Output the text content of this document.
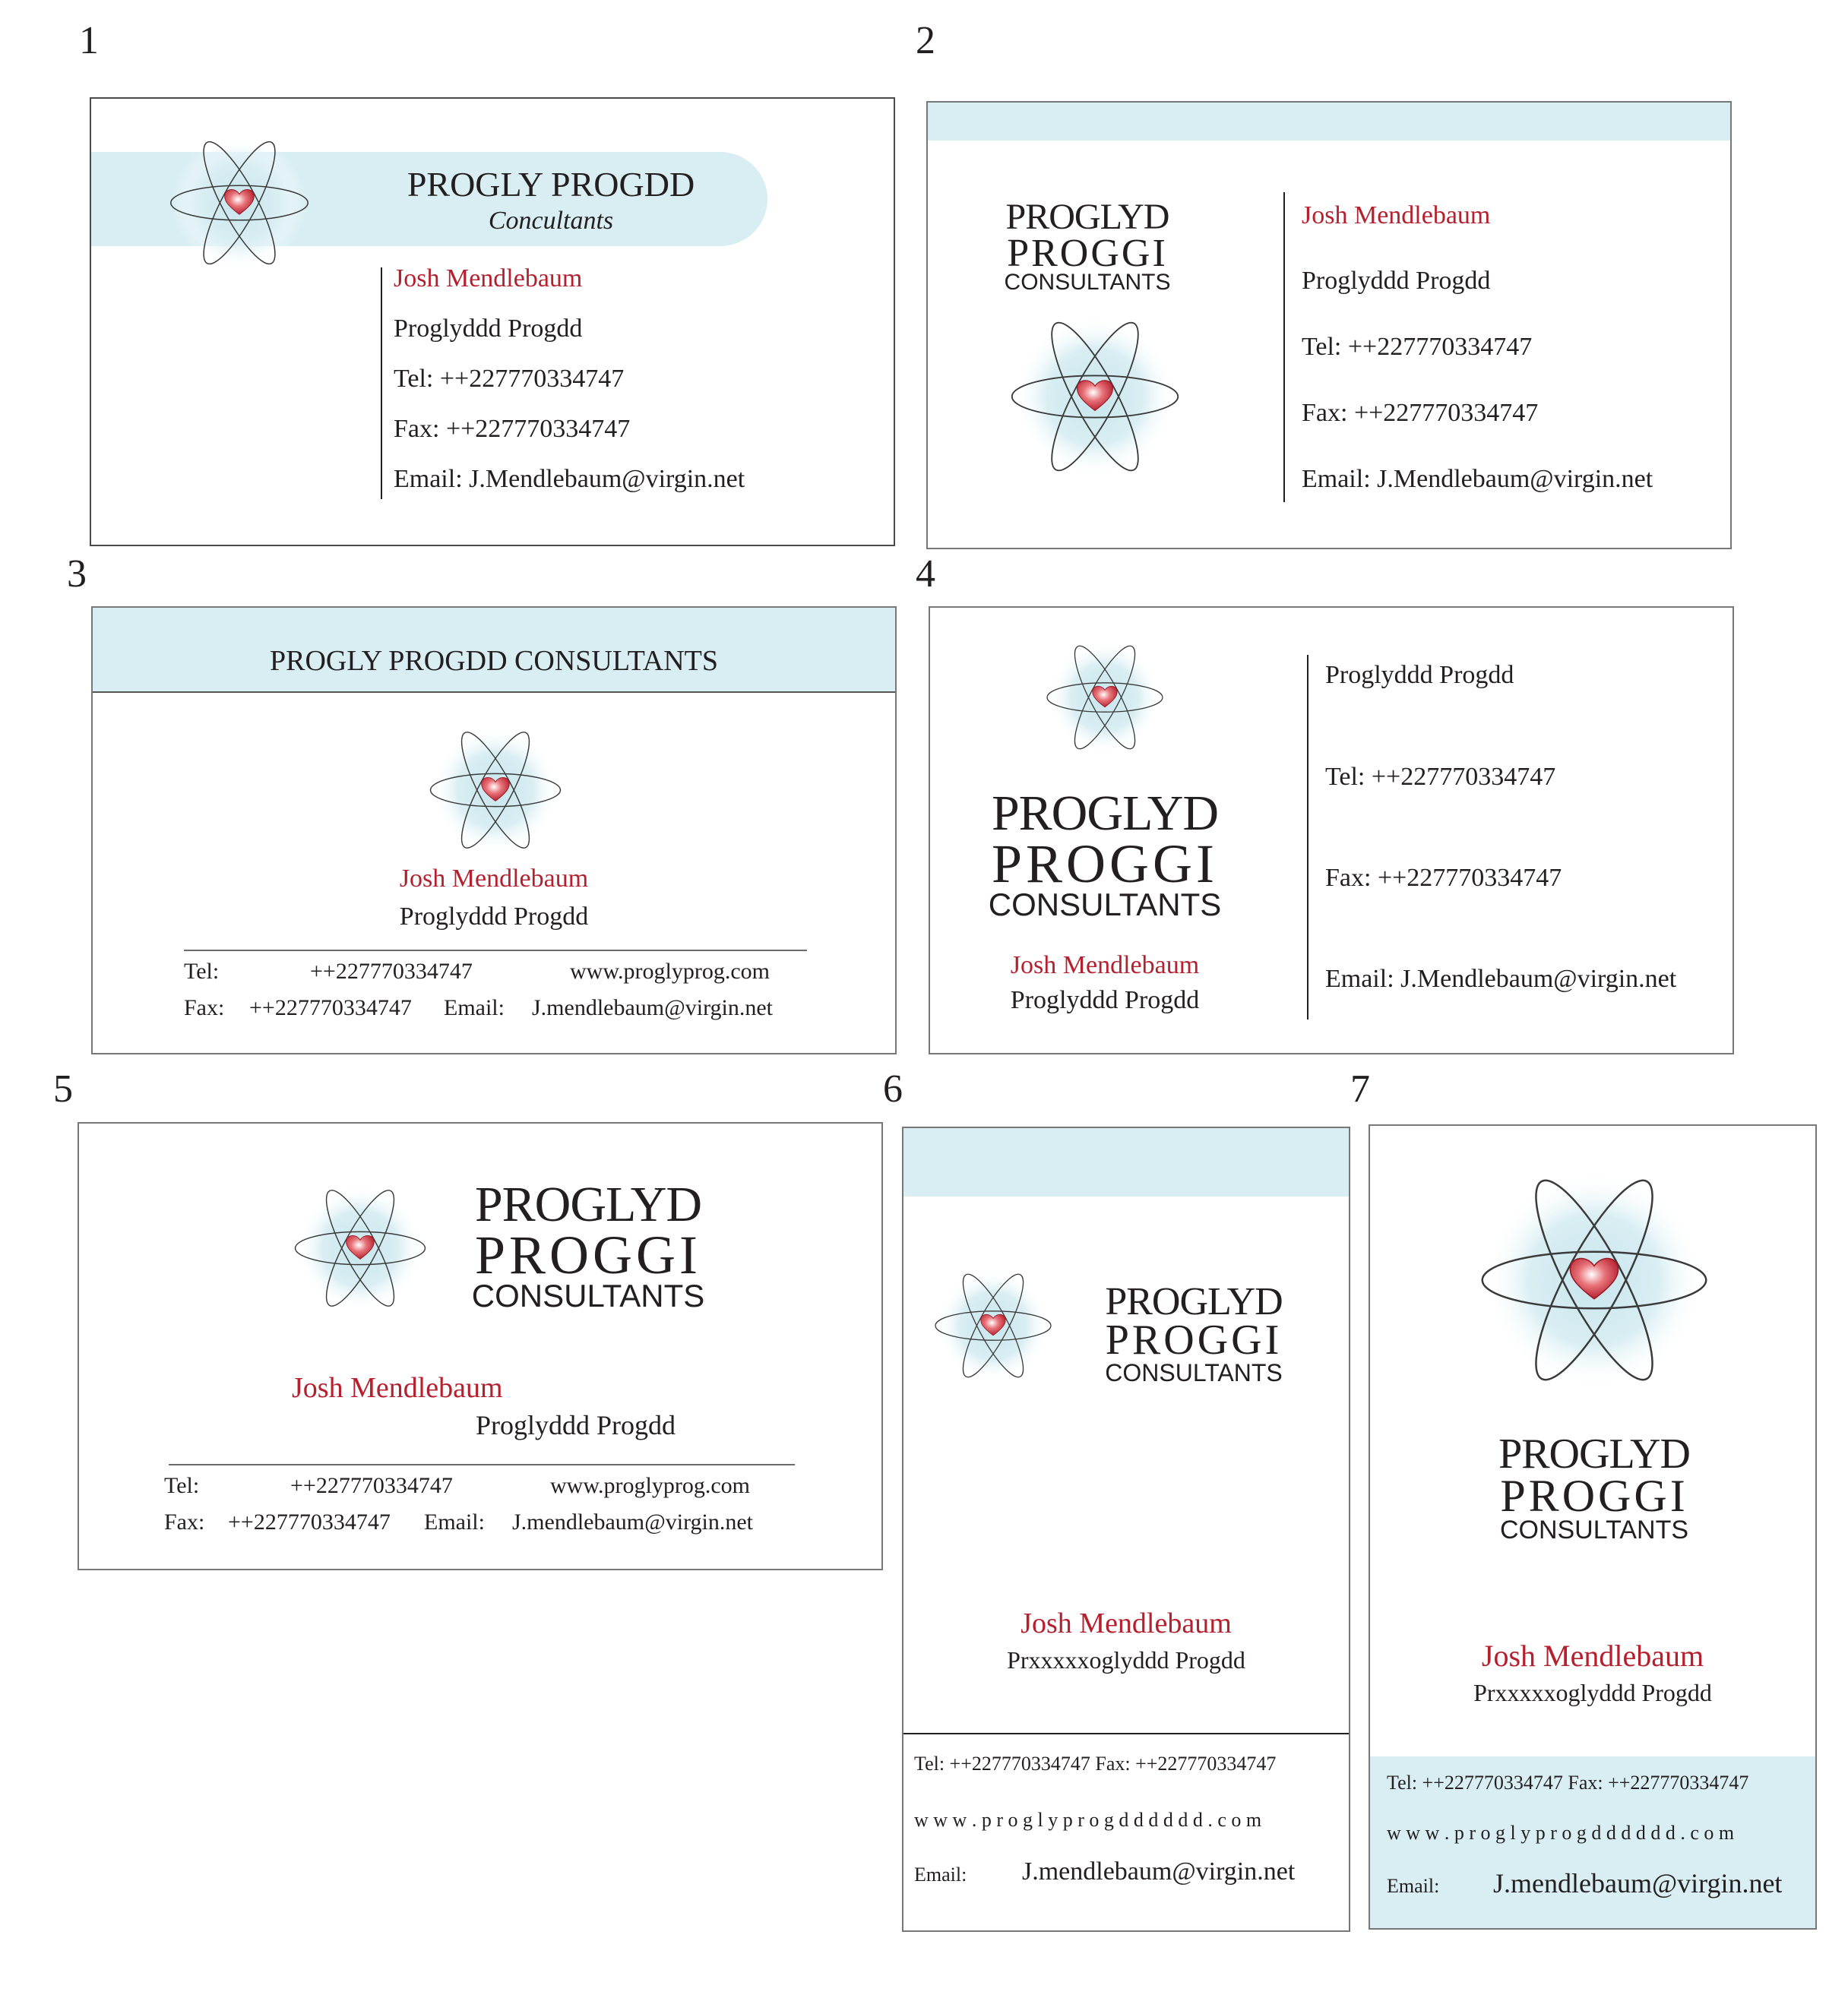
1	2
3	4
5	6	7
PROGLY PROGDD
Concultants
Josh Mendlebaum
Proglyddd Progdd
Tel: ++227770334747
Fax: ++227770334747
Email: J.Mendlebaum@virgin.net
PROGLYD
PROGGI
CONSULTANTS
Josh Mendlebaum
Proglyddd Progdd
Tel: ++227770334747
Fax: ++227770334747
Email: J.Mendlebaum@virgin.net
PROGLY PROGDD CONSULTANTS
Josh Mendlebaum
Proglyddd Progdd
Tel:	++227770334747	www.proglyprog.com
Fax: ++227770334747 Email: J.mendlebaum@virgin.net
PROGLYD
PROGGI
CONSULTANTS
Josh Mendlebaum
Proglyddd Progdd
Proglyddd Progdd
Tel: ++227770334747
Fax: ++227770334747
Email: J.Mendlebaum@virgin.net
PROGLYD
PROGGI
CONSULTANTS
Josh Mendlebaum
Proglyddd Progdd
Tel:	++227770334747	www.proglyprog.com
Fax: ++227770334747 Email: J.mendlebaum@virgin.net
PROGLYD
PROGGI
CONSULTANTS
Josh Mendlebaum
Prxxxxxoglyddd Progdd
Tel: ++227770334747 Fax: ++227770334747
w w w . p r o g l y p r o g d d d d d d . c o m
Email: J.mendlebaum@virgin.net
PROGLYD
PROGGI
CONSULTANTS
Josh Mendlebaum
Prxxxxxoglyddd Progdd
Tel: ++227770334747 Fax: ++227770334747
w w w . p r o g l y p r o g d d d d d d . c o m
Email: J.mendlebaum@virgin.net
